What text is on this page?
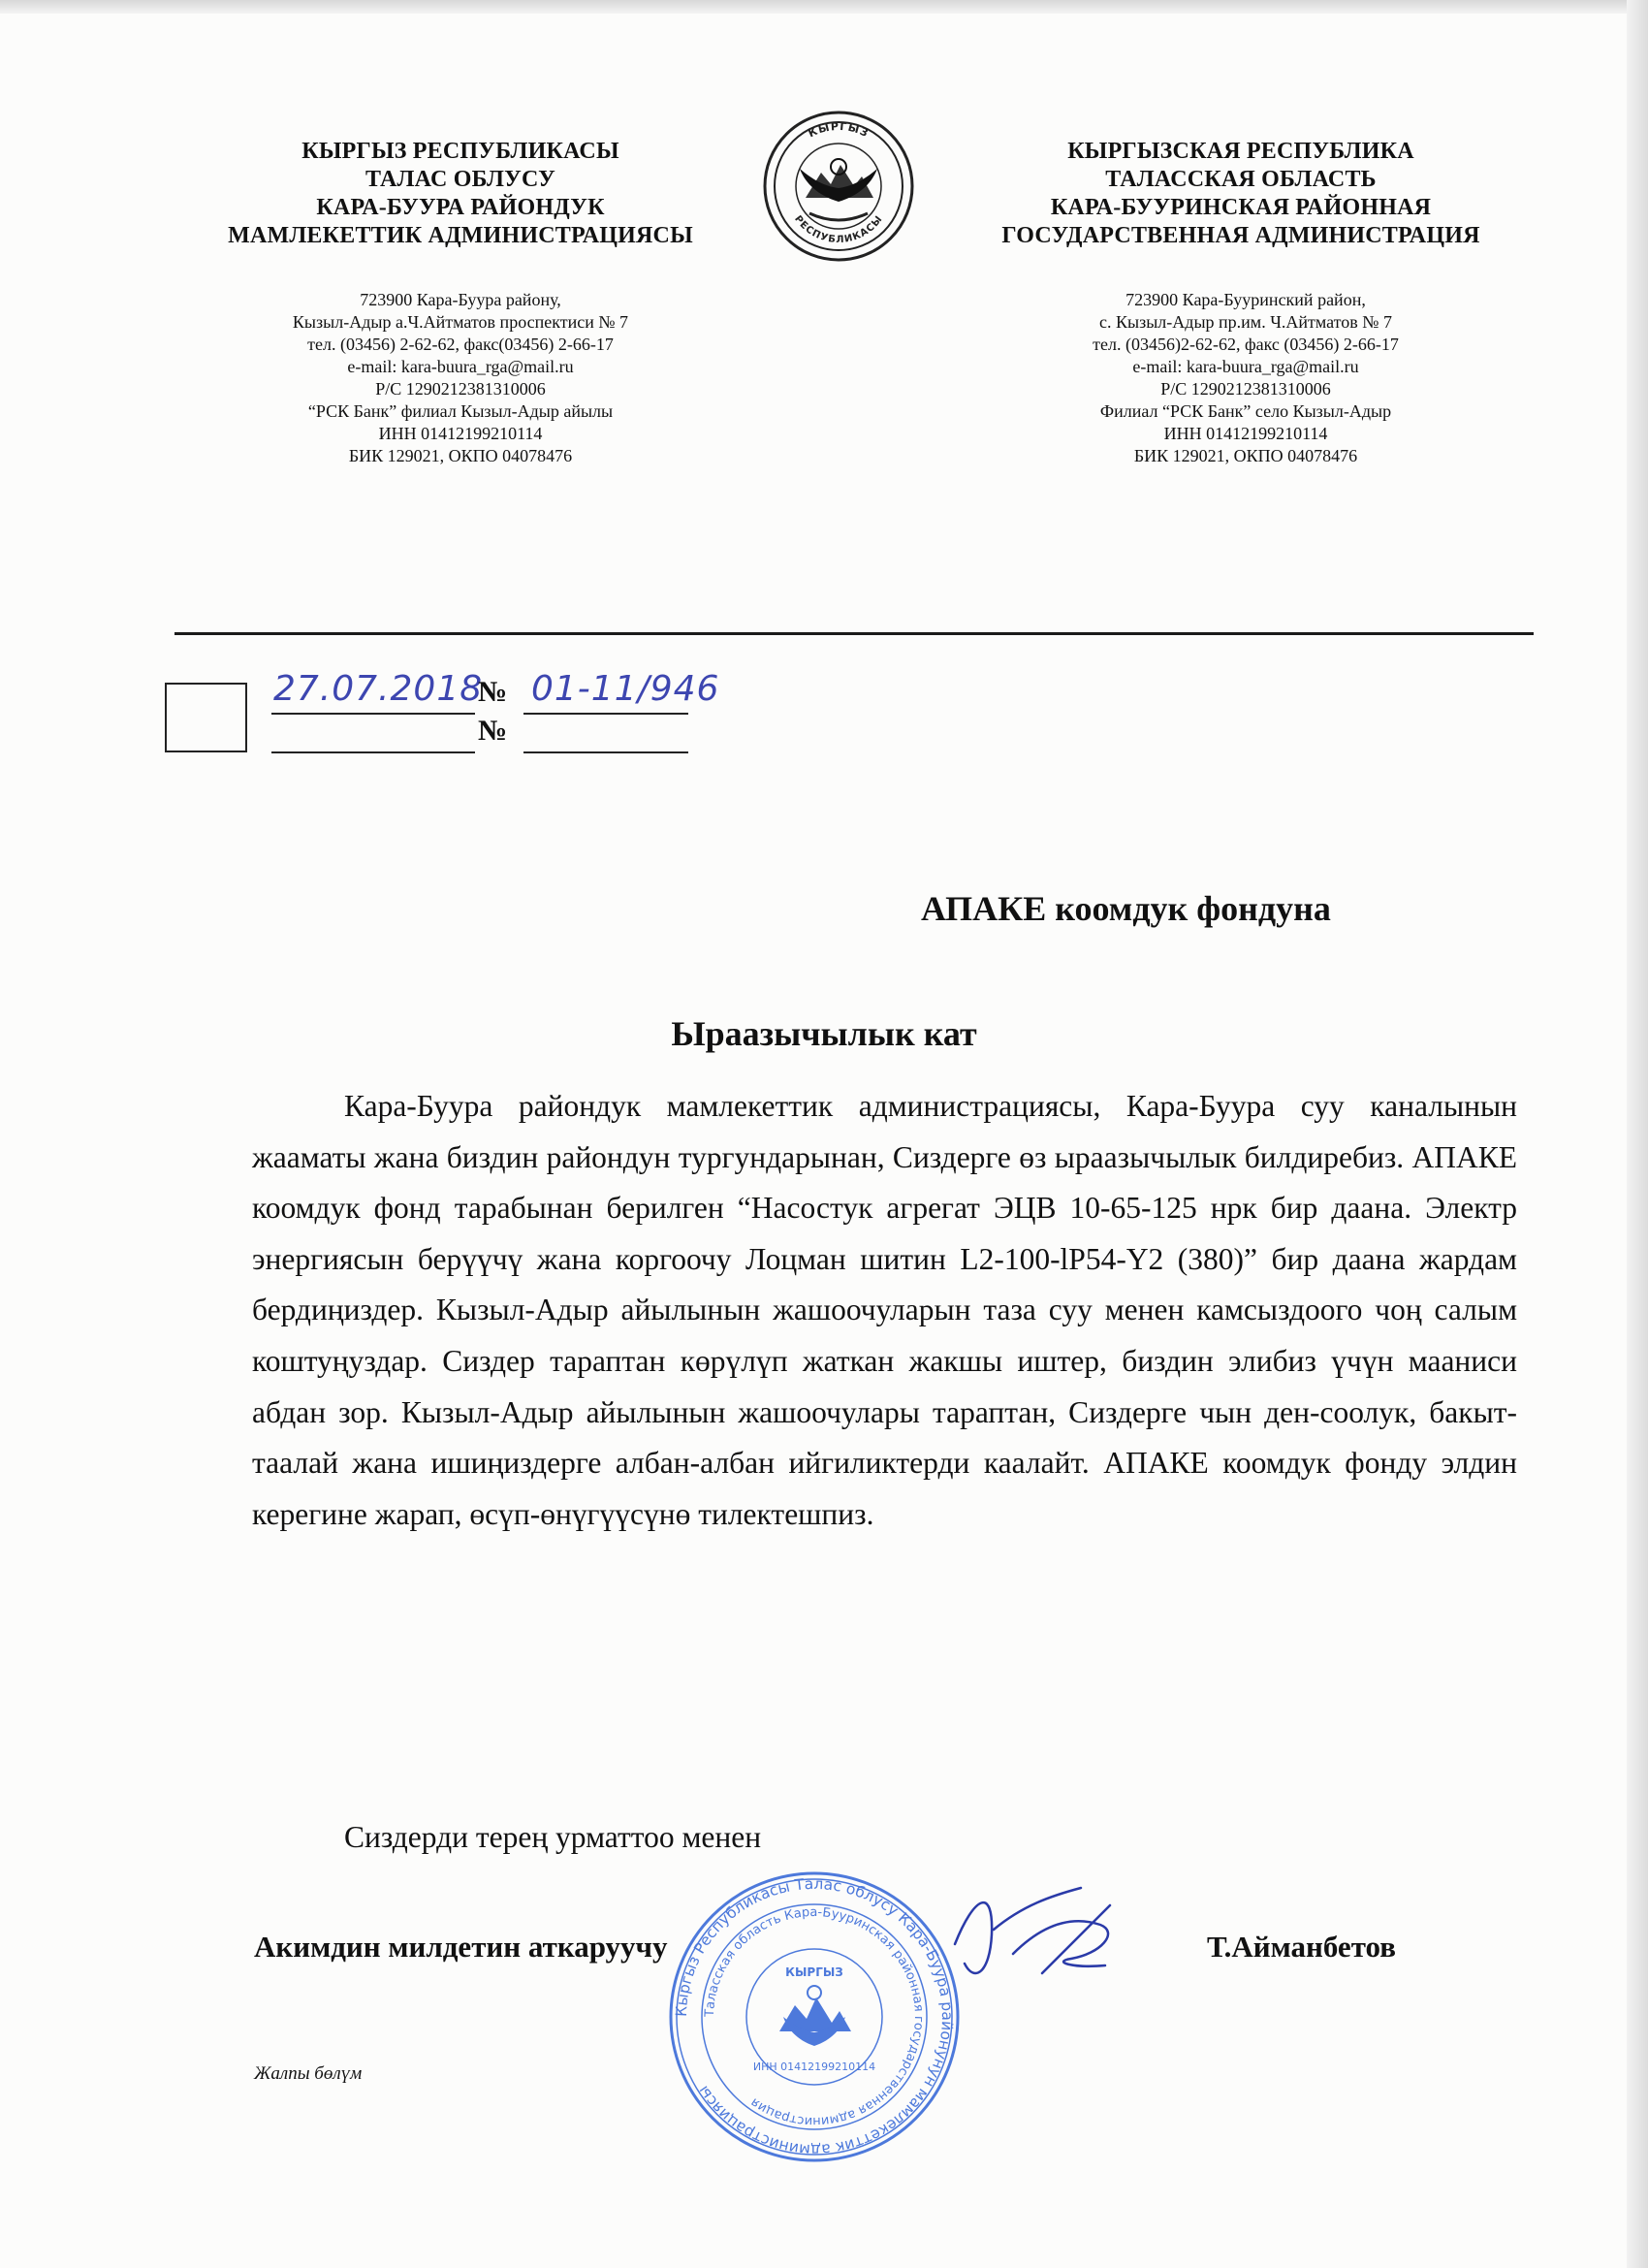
КЫРГЫЗ РЕСПУБЛИКАСЫ
ТАЛАС ОБЛУСУ
КАРА-БУУРА РАЙОНДУК
МАМЛЕКЕТТИК АДМИНИСТРАЦИЯСЫ
723900 Кара-Буура району,
Кызыл-Адыр а.Ч.Айтматов проспектиси № 7
тел. (03456) 2-62-62, факс(03456) 2-66-17
e-mail: kara-buura_rga@mail.ru
Р/С 1290212381310006
“РСК Банк” филиал Кызыл-Адыр айылы
ИНН 01412199210114
БИК 129021, ОКПО 04078476
КЫРГЫЗ
РЕСПУБЛИКАСЫ
КЫРГЫЗСКАЯ РЕСПУБЛИКА
ТАЛАССКАЯ ОБЛАСТЬ
КАРА-БУУРИНСКАЯ РАЙОННАЯ
ГОСУДАРСТВЕННАЯ АДМИНИСТРАЦИЯ
723900 Кара-Бууринский район,
с. Кызыл-Адыр пр.им. Ч.Айтматов № 7
тел. (03456)2-62-62, факс (03456) 2-66-17
e-mail: kara-buura_rga@mail.ru
Р/С 1290212381310006
Филиал “РСК Банк” село Кызыл-Адыр
ИНН 01412199210114
БИК 129021, ОКПО 04078476
27.07.2018
№ 01-11/946
№
АПАКЕ коомдук фондуна
Ыраазычылык кат

Кара-Буура райондук мамлекеттик администрациясы, Кара-Буура суу каналынын жааматы жана биздин райондун тургундарынан, Сиздерге өз ыраазычылык билдиребиз. АПАКЕ коомдук фонд тарабынан берилген “Насостук агрегат ЭЦВ 10-65-125 нрк бир даана. Электр энергиясын берүүчү жана коргоочу Лоцман шитин L2-100-lP54-Y2 (380)” бир даана жардам бердиңиздер. Кызыл-Адыр айылынын жашоочуларын таза суу менен камсыздоого чоң салым коштуңуздар. Сиздер тараптан көрүлүп жаткан жакшы иштер, биздин элибиз үчүн мааниси абдан зор. Кызыл-Адыр айылынын жашоочулары тараптан, Сиздерге чын ден-соолук, бакыт-таалай жана ишиңиздерге албан-албан ийгиликтерди каалайт. АПАКЕ коомдук фонду элдин керегине жарап, өсүп-өнүгүүсүнө тилектешпиз.

Сиздерди терең урматтоо менен
Кыргыз Республикасы Талас облусу Кара-Буура районунун мамлекеттик администрациясы
Таласская область Кара-Бууринская районная государственная администрация
КЫРГЫЗ
ИНН 01412199210114
Акимдин милдетин аткаруучу	Т.Айманбетов
Жалпы бөлүм
